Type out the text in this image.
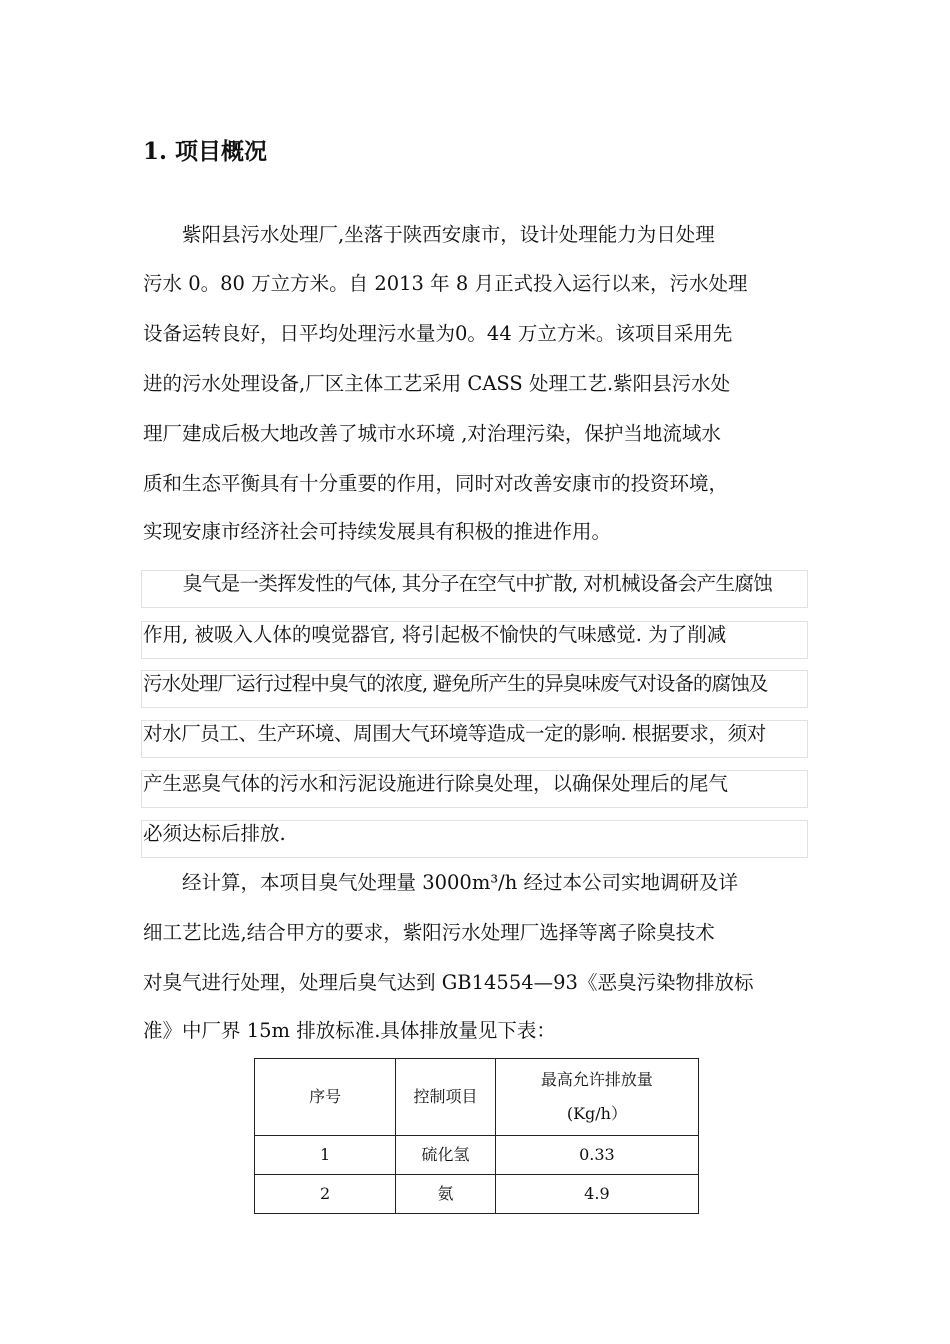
1. 项目概况
　　紫阳县污水处理厂,坐落于陕西安康市，设计处理能力为日处理
污水 0。80 万立方米。自 2013 年 8 月正式投入运行以来，污水处理
设备运转良好，日平均处理污水量为0。44 万立方米。该项目采用先
进的污水处理设备,厂区主体工艺采用 CASS 处理工艺.紫阳县污水处
理厂建成后极大地改善了城市水环境 ,对治理污染，保护当地流域水
质和生态平衡具有十分重要的作用，同时对改善安康市的投资环境，
实现安康市经济社会可持续发展具有积极的推进作用。
　　臭气是一类挥发性的气体, 其分子在空气中扩散, 对机械设备会产生腐蚀
作用, 被吸入人体的嗅觉器官, 将引起极不愉快的气味感觉. 为了削减
污水处理厂运行过程中臭气的浓度, 避免所产生的异臭味废气对设备的腐蚀及
对水厂员工、生产环境、周围大气环境等造成一定的影响. 根据要求，须对
产生恶臭气体的污水和污泥设施进行除臭处理，以确保处理后的尾气
必须达标后排放.
　　经计算，本项目臭气处理量 3000m³/h 经过本公司实地调研及详
细工艺比选,结合甲方的要求，紫阳污水处理厂选择等离子除臭技术
对臭气进行处理，处理后臭气达到 GB14554—93《恶臭污染物排放标
准》中厂界 15m 排放标准.具体排放量见下表：
序号	控制项目	最高允许排放量
(Kg/h）

1	硫化氢	0.33
2	氨	4.9
